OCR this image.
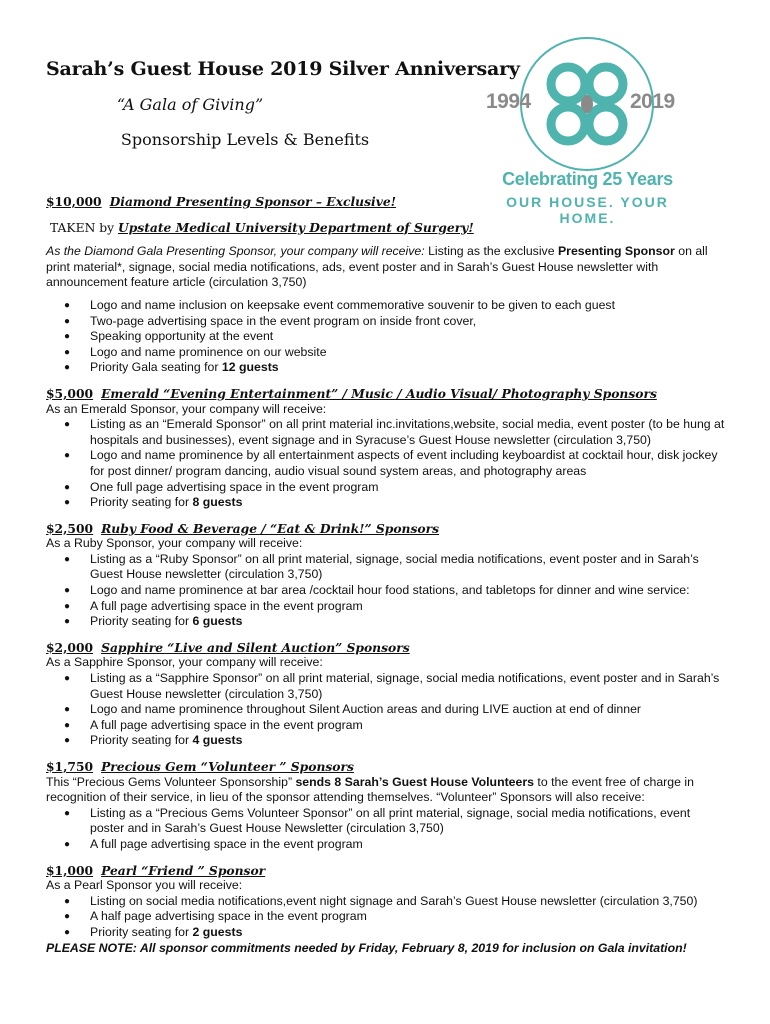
Sarah’s Guest House 2019 Silver Anniversary
“A Gala of Giving”
Sponsorship Levels & Benefits
1994	2019
Celebrating 25 Years
OUR HOUSE. YOUR HOME.
$10,000 Diamond Presenting Sponsor – Exclusive!
TAKEN by Upstate Medical University Department of Surgery!

As the Diamond Gala Presenting Sponsor, your company will receive: Listing as the exclusive Presenting Sponsor on all print material*, signage, social media notifications, ads, event poster and in Sarah’s Guest House newsletter with announcement feature article (circulation 3,750)

● Logo and name inclusion on keepsake event commemorative souvenir to be given to each guest
● Two-page advertising space in the event program on inside front cover,
● Speaking opportunity at the event
● Logo and name prominence on our website
● Priority Gala seating for 12 guests
$5,000 Emerald “Evening Entertainment” / Music / Audio Visual/ Photography Sponsors

As an Emerald Sponsor, your company will receive:

● Listing as an “Emerald Sponsor” on all print material inc.invitations,website, social media, event poster (to be hung at hospitals and businesses), event signage and in Syracuse’s Guest House newsletter (circulation 3,750)
● Logo and name prominence by all entertainment aspects of event including keyboardist at cocktail hour, disk jockey for post dinner/ program dancing, audio visual sound system areas, and photography areas
● One full page advertising space in the event program
● Priority seating for 8 guests
$2,500 Ruby Food & Beverage / “Eat & Drink!” Sponsors

As a Ruby Sponsor, your company will receive:

● Listing as a “Ruby Sponsor” on all print material, signage, social media notifications, event poster and in Sarah’s Guest House newsletter (circulation 3,750)
● Logo and name prominence at bar area /cocktail hour food stations, and tabletops for dinner and wine service:
● A full page advertising space in the event program
● Priority seating for 6 guests
$2,000 Sapphire “Live and Silent Auction” Sponsors

As a Sapphire Sponsor, your company will receive:

● Listing as a “Sapphire Sponsor” on all print material, signage, social media notifications, event poster and in Sarah’s Guest House newsletter (circulation 3,750)
● Logo and name prominence throughout Silent Auction areas and during LIVE auction at end of dinner
● A full page advertising space in the event program
● Priority seating for 4 guests
$1,750 Precious Gem “Volunteer ” Sponsors

This “Precious Gems Volunteer Sponsorship” sends 8 Sarah’s Guest House Volunteers to the event free of charge in recognition of their service, in lieu of the sponsor attending themselves. “Volunteer” Sponsors will also receive:

● Listing as a “Precious Gems Volunteer Sponsor” on all print material, signage, social media notifications, event poster and in Sarah’s Guest House Newsletter (circulation 3,750)
● A full page advertising space in the event program
$1,000 Pearl “Friend ” Sponsor

As a Pearl Sponsor you will receive:

● Listing on social media notifications,event night signage and Sarah’s Guest House newsletter (circulation 3,750)
● A half page advertising space in the event program
● Priority seating for 2 guests

PLEASE NOTE: All sponsor commitments needed by Friday, February 8, 2019 for inclusion on Gala invitation!
